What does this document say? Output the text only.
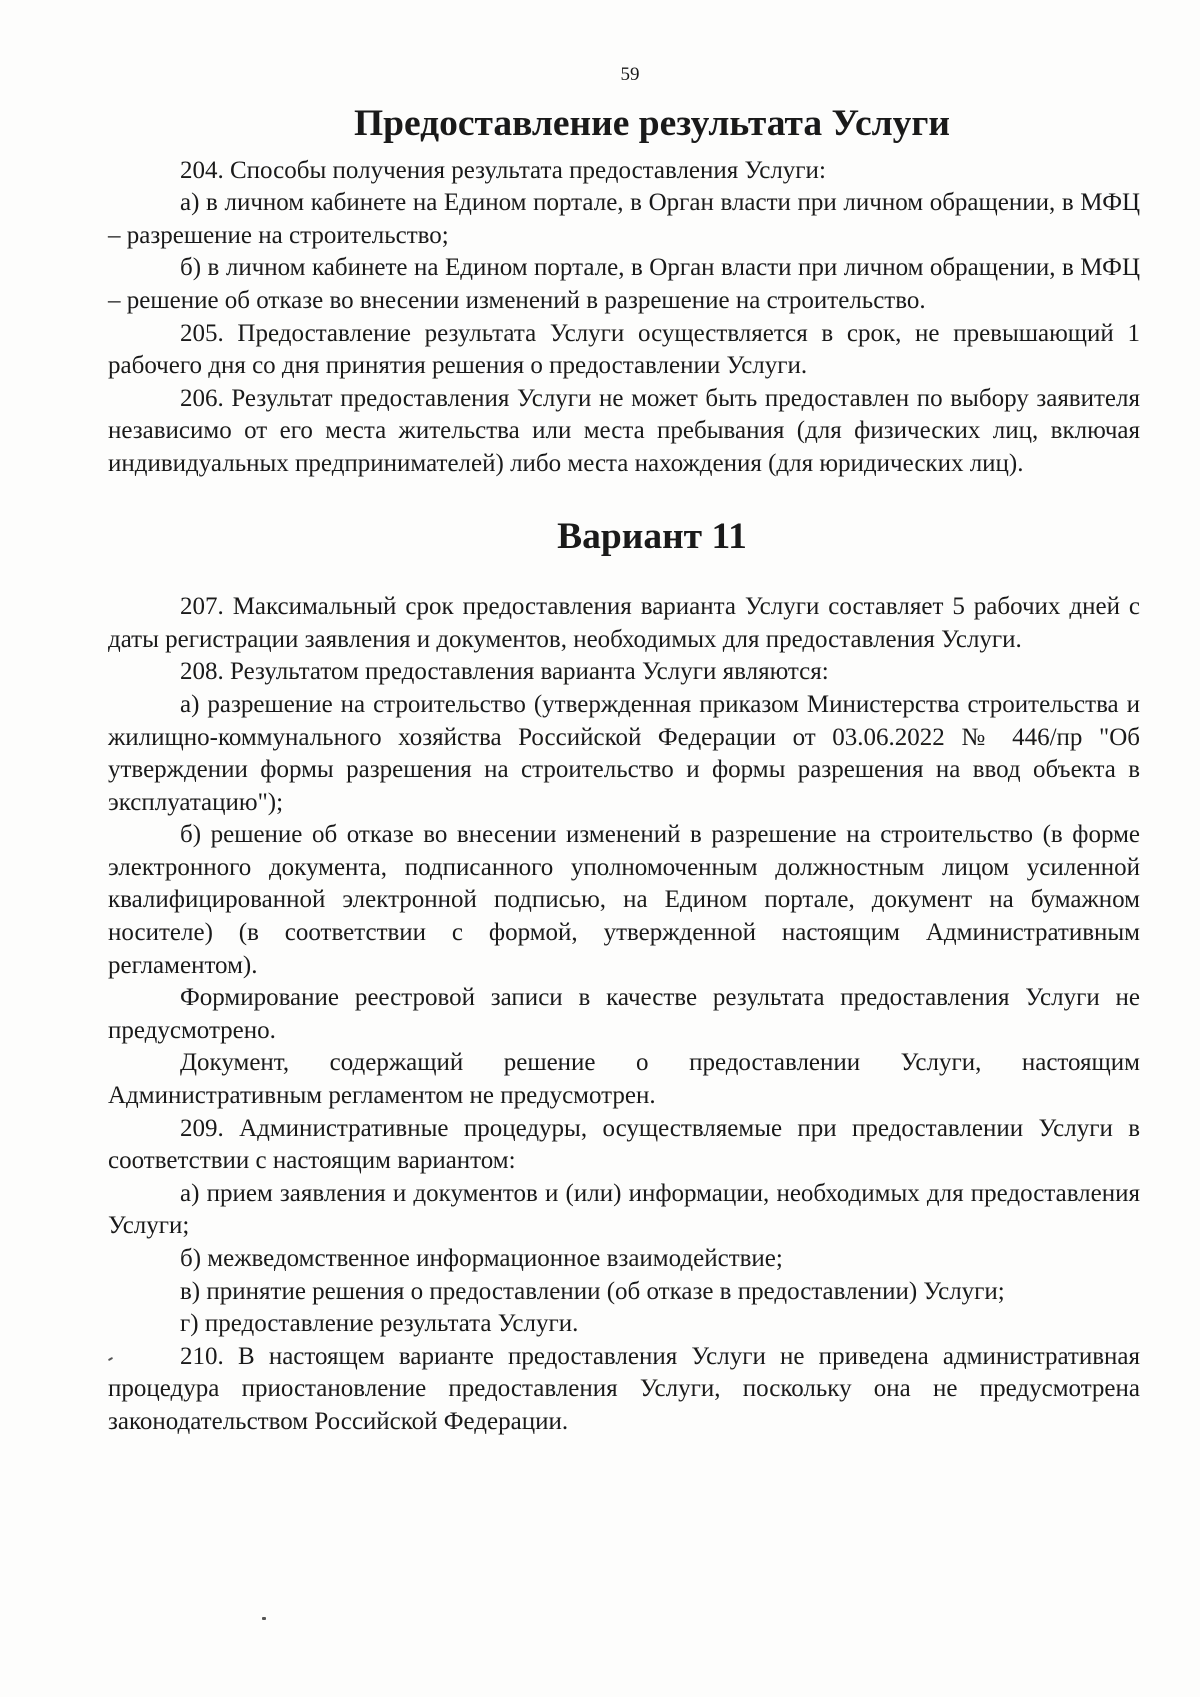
59
Предоставление результата Услуги

204. Способы получения результата предоставления Услуги:

а) в личном кабинете на Едином портале, в Орган власти при личном обращении, в МФЦ – разрешение на строительство;

б) в личном кабинете на Едином портале, в Орган власти при личном обращении, в МФЦ – решение об отказе во внесении изменений в разрешение на строительство.

205. Предоставление результата Услуги осуществляется в срок, не превышающий 1 рабочего дня со дня принятия решения о предоставлении Услуги.

206. Результат предоставления Услуги не может быть предоставлен по выбору заявителя независимо от его места жительства или места пребывания (для физических лиц, включая индивидуальных предпринимателей) либо места нахождения (для юридических лиц).

Вариант 11

207. Максимальный срок предоставления варианта Услуги составляет 5 рабочих дней с даты регистрации заявления и документов, необходимых для предоставления Услуги.

208. Результатом предоставления варианта Услуги являются:

а) разрешение на строительство (утвержденная приказом Министерства строительства и жилищно-коммунального хозяйства Российской Федерации от 03.06.2022 № 446/пр "Об утверждении формы разрешения на строительство и формы разрешения на ввод объекта в эксплуатацию");

б) решение об отказе во внесении изменений в разрешение на строительство (в форме электронного документа, подписанного уполномоченным должностным лицом усиленной квалифицированной электронной подписью, на Едином портале, документ на бумажном носителе) (в соответствии с формой, утвержденной настоящим Административным регламентом).

Формирование реестровой записи в качестве результата предоставления Услуги не предусмотрено.

Документ, содержащий решение о предоставлении Услуги, настоящим Административным регламентом не предусмотрен.

209. Административные процедуры, осуществляемые при предоставлении Услуги в соответствии с настоящим вариантом:

а) прием заявления и документов и (или) информации, необходимых для предоставления Услуги;

б) межведомственное информационное взаимодействие;

в) принятие решения о предоставлении (об отказе в предоставлении) Услуги;

г) предоставление результата Услуги.

210. В настоящем варианте предоставления Услуги не приведена административная процедура приостановление предоставления Услуги, поскольку она не предусмотрена законодательством Российской Федерации.
